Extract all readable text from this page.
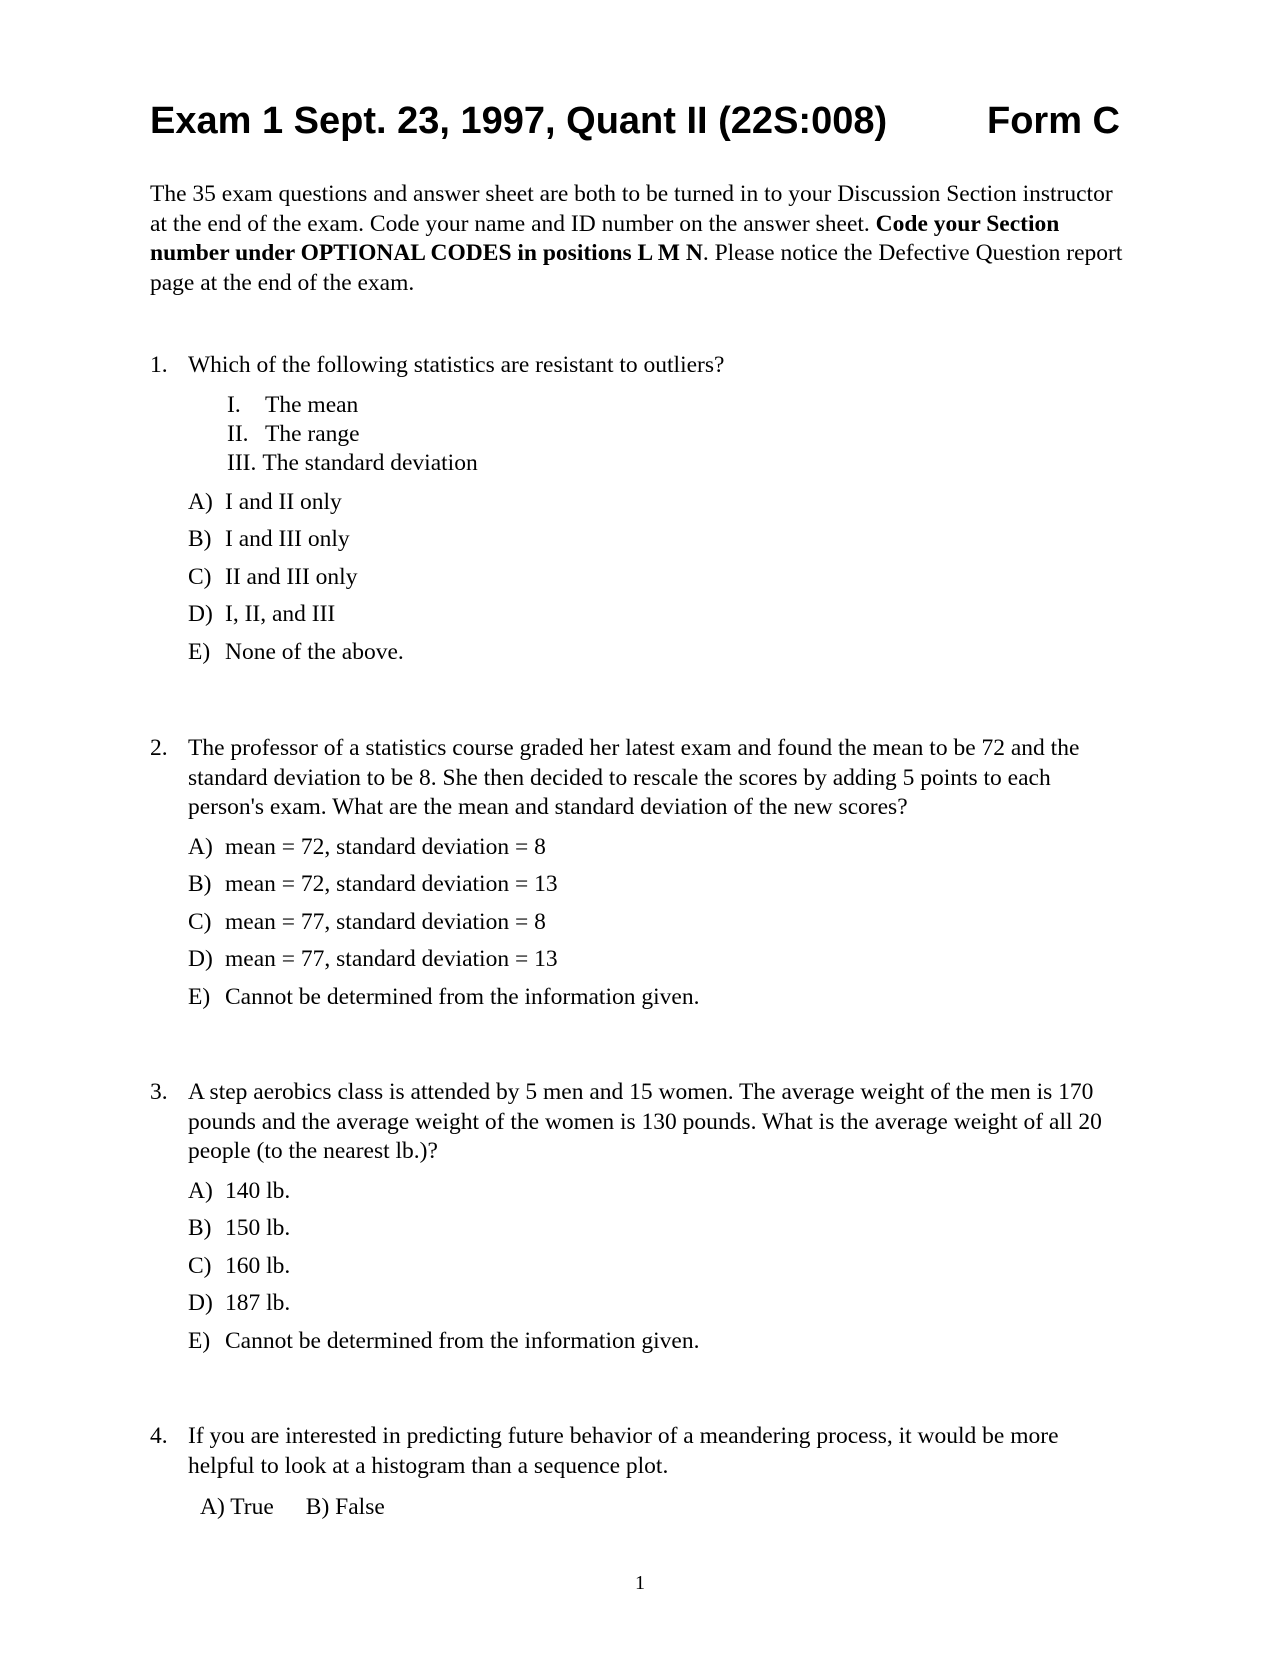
Exam 1 Sept. 23, 1997, Quant II (22S:008)	Form C
The 35 exam questions and answer sheet are both to be turned in to your Discussion Section instructor at the end of the exam. Code your name and ID number on the answer sheet. Code your Section number under OPTIONAL CODES in positions L M N. Please notice the Defective Question report page at the end of the exam.
1. Which of the following statistics are resistant to outliers?
I.	The mean
II. The range
III. The standard deviation
A) I and II only
B) I and III only
C) II and III only
D) I, II, and III
E) None of the above.
2. The professor of a statistics course graded her latest exam and found the mean to be 72 and the standard deviation to be 8. She then decided to rescale the scores by adding 5 points to each person's exam. What are the mean and standard deviation of the new scores?
A) mean = 72, standard deviation = 8
B) mean = 72, standard deviation = 13
C) mean = 77, standard deviation = 8
D) mean = 77, standard deviation = 13
E) Cannot be determined from the information given.
3. A step aerobics class is attended by 5 men and 15 women. The average weight of the men is 170 pounds and the average weight of the women is 130 pounds. What is the average weight of all 20 people (to the nearest lb.)?
A) 140 lb.
B) 150 lb.
C) 160 lb.
D) 187 lb.
E) Cannot be determined from the information given.
4. If you are interested in predicting future behavior of a meandering process, it would be more helpful to look at a histogram than a sequence plot.
A) True B) False
1
